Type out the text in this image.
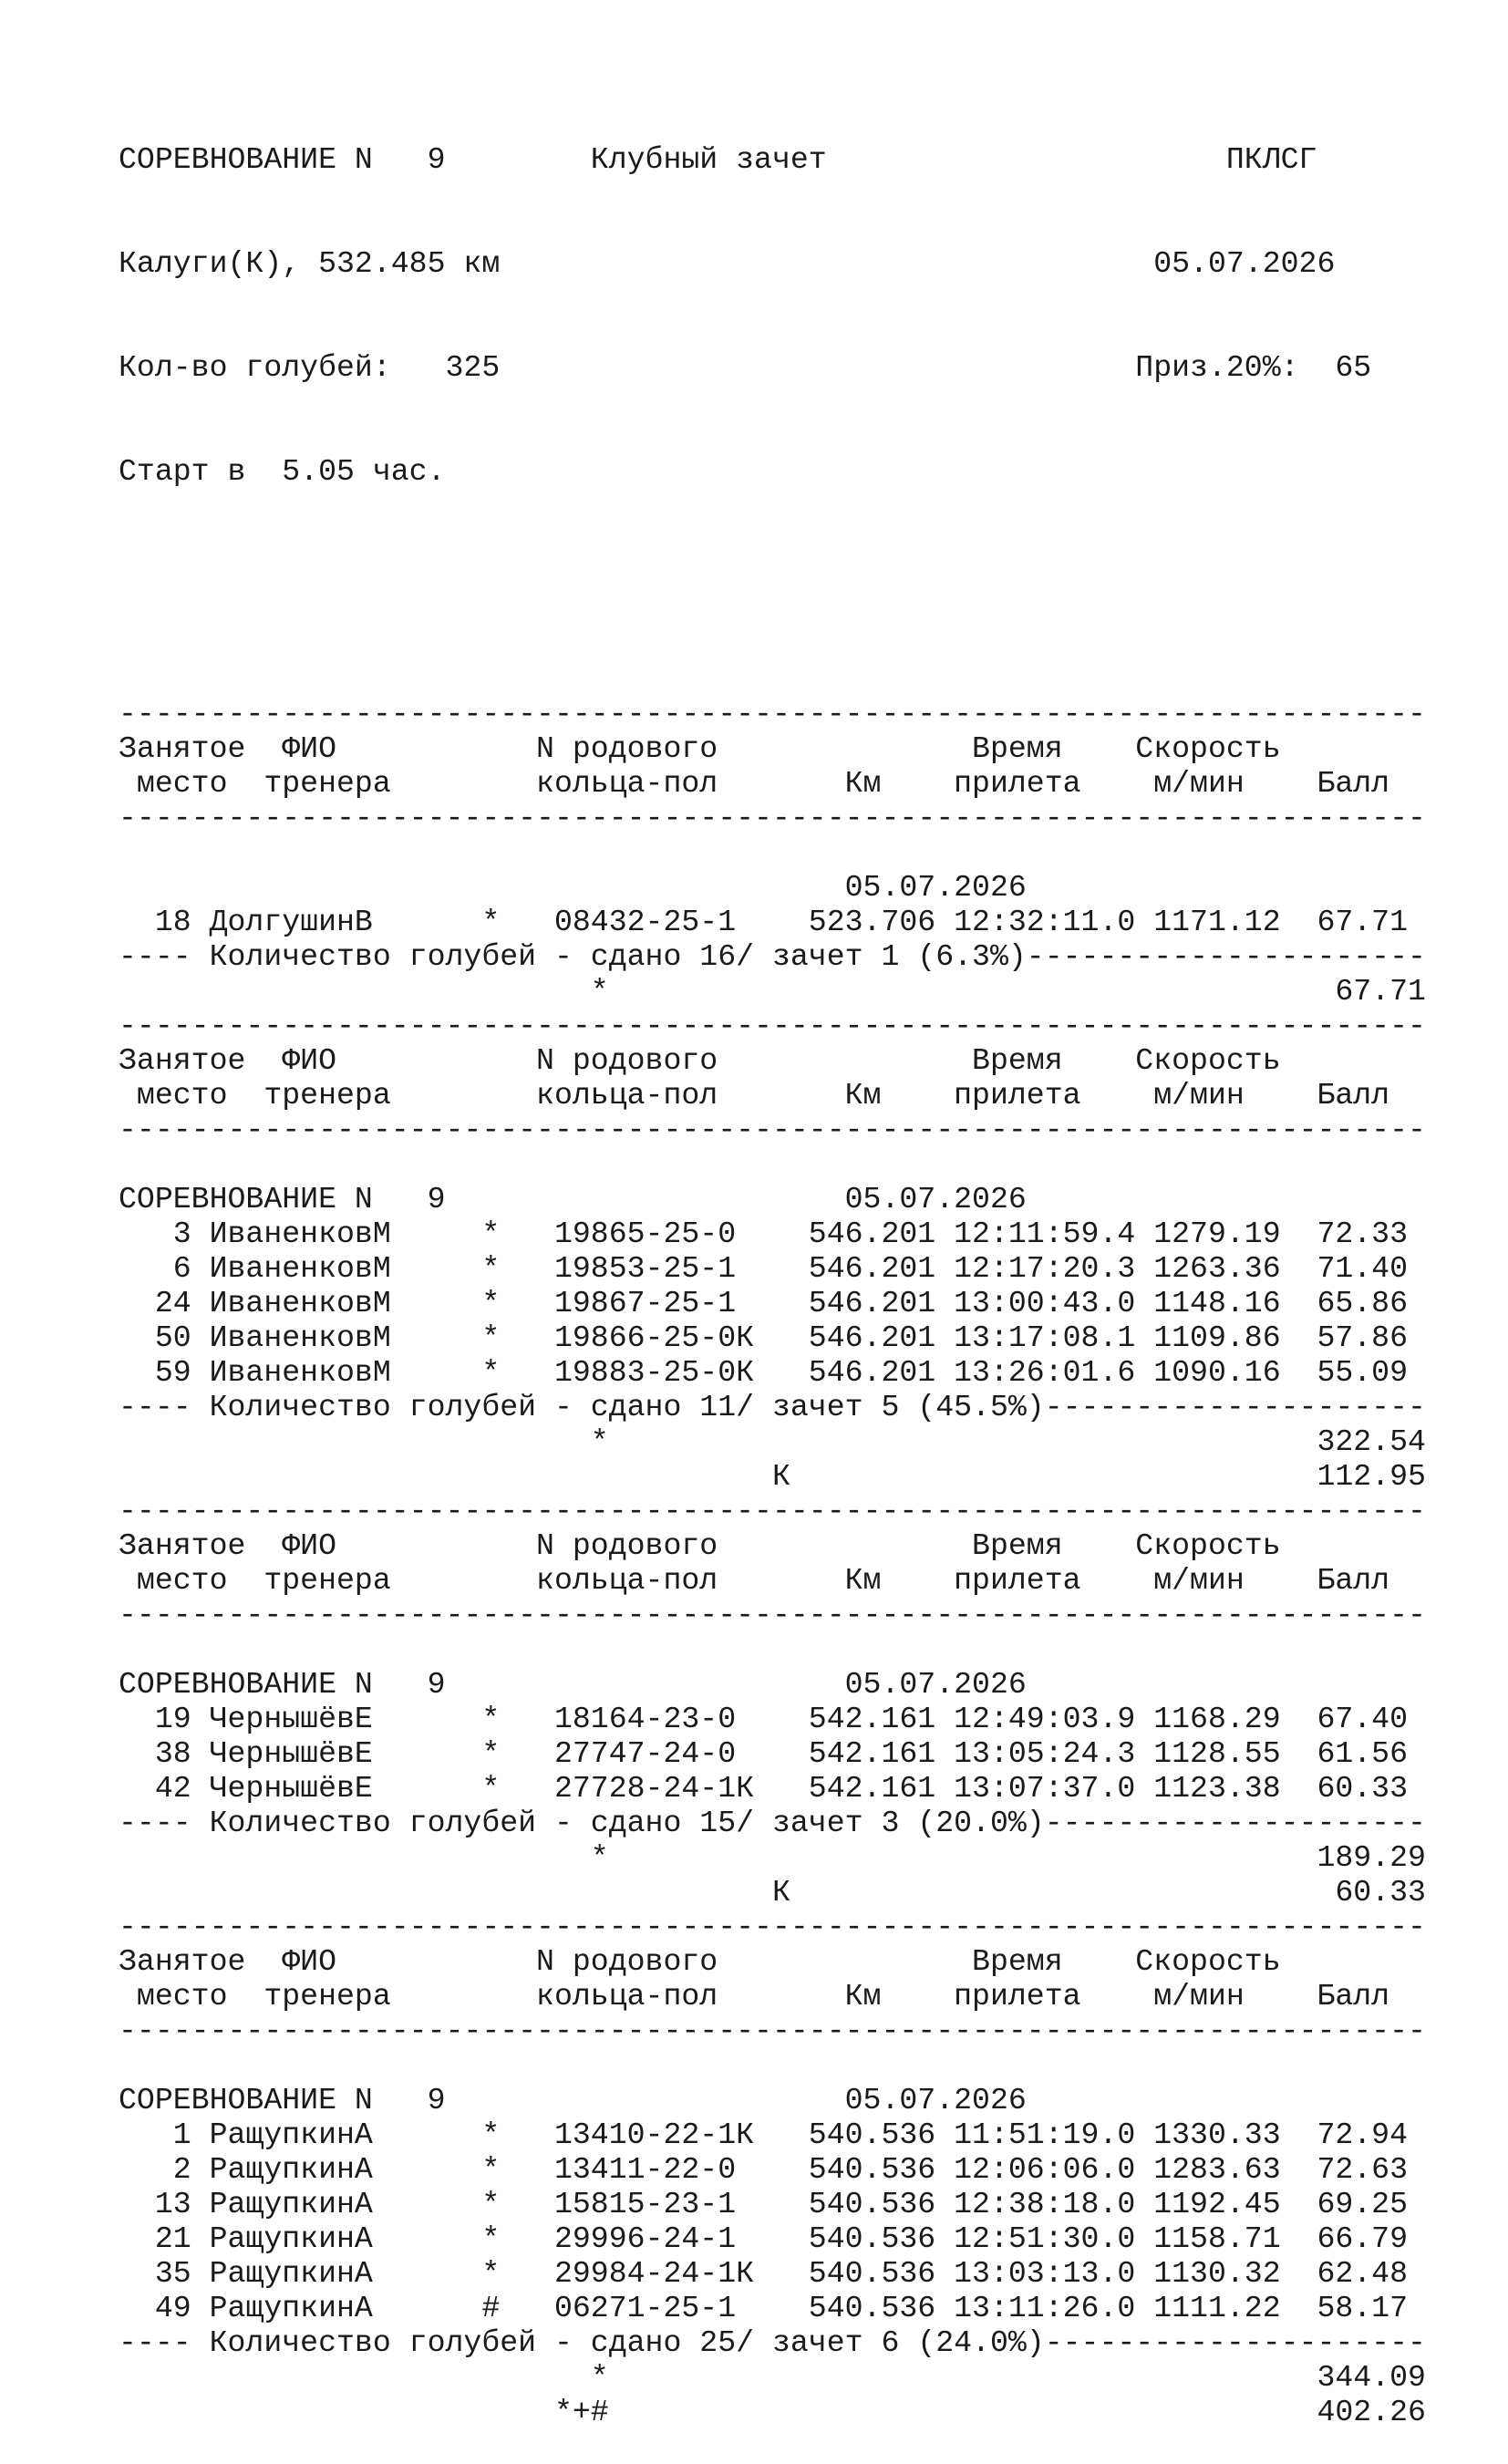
СОРЕВНОВАНИЕ N   9        Клубный зачет                      ПКЛСГ

Калуги(К), 532.485 км                                    05.07.2026

Кол-во голубей:   325                                   Приз.20%:  65

Старт в  5.05 час.

------------------------------------------------------------------------
Занятое  ФИО           N родового              Время    Скорость
место  тренера        кольца-пол       Км    прилета    м/мин    Балл
------------------------------------------------------------------------
05.07.2026
18 ДолгушинВ      *   08432-25-1    523.706 12:32:11.0 1171.12  67.71
---- Количество голубей - сдано 16/ зачет 1 (6.3%)----------------------
*                                        67.71
------------------------------------------------------------------------
Занятое  ФИО           N родового              Время    Скорость
место  тренера        кольца-пол       Км    прилета    м/мин    Балл
------------------------------------------------------------------------
СОРЕВНОВАНИЕ N   9                      05.07.2026
3 ИваненковМ     *   19865-25-0    546.201 12:11:59.4 1279.19  72.33
6 ИваненковМ     *   19853-25-1    546.201 12:17:20.3 1263.36  71.40
24 ИваненковМ     *   19867-25-1    546.201 13:00:43.0 1148.16  65.86
50 ИваненковМ     *   19866-25-0К   546.201 13:17:08.1 1109.86  57.86
59 ИваненковМ     *   19883-25-0К   546.201 13:26:01.6 1090.16  55.09
---- Количество голубей - сдано 11/ зачет 5 (45.5%)---------------------
*                                       322.54
К                             112.95
------------------------------------------------------------------------
Занятое  ФИО           N родового              Время    Скорость
место  тренера        кольца-пол       Км    прилета    м/мин    Балл
------------------------------------------------------------------------
СОРЕВНОВАНИЕ N   9                      05.07.2026
19 ЧернышёвЕ      *   18164-23-0    542.161 12:49:03.9 1168.29  67.40
38 ЧернышёвЕ      *   27747-24-0    542.161 13:05:24.3 1128.55  61.56
42 ЧернышёвЕ      *   27728-24-1К   542.161 13:07:37.0 1123.38  60.33
---- Количество голубей - сдано 15/ зачет 3 (20.0%)---------------------
*                                       189.29
К                              60.33
------------------------------------------------------------------------
Занятое  ФИО           N родового              Время    Скорость
место  тренера        кольца-пол       Км    прилета    м/мин    Балл
------------------------------------------------------------------------
СОРЕВНОВАНИЕ N   9                      05.07.2026
1 РащупкинА      *   13410-22-1К   540.536 11:51:19.0 1330.33  72.94
2 РащупкинА      *   13411-22-0    540.536 12:06:06.0 1283.63  72.63
13 РащупкинА      *   15815-23-1    540.536 12:38:18.0 1192.45  69.25
21 РащупкинА      *   29996-24-1    540.536 12:51:30.0 1158.71  66.79
35 РащупкинА      *   29984-24-1К   540.536 13:03:13.0 1130.32  62.48
49 РащупкинА      #   06271-25-1    540.536 13:11:26.0 1111.22  58.17
---- Количество голубей - сдано 25/ зачет 6 (24.0%)---------------------
*                                       344.09
*+#                                       402.26
